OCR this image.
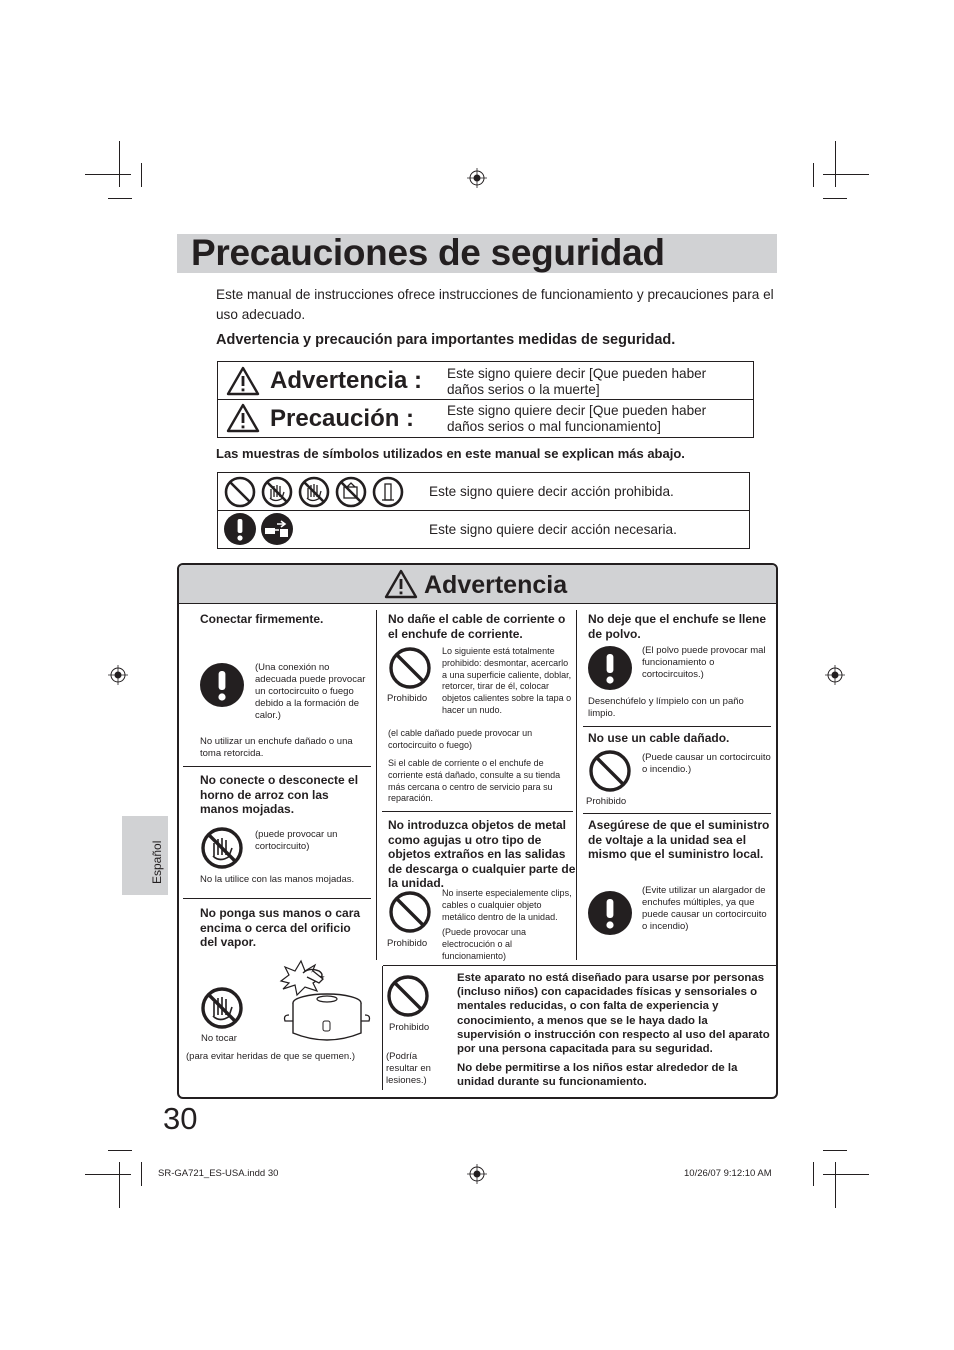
Precauciones de seguridad
Este manual de instrucciones ofrece instrucciones de funcionamiento y precauciones para el uso adecuado.
Advertencia y precaución para importantes medidas de seguridad.
Advertencia : Este signo quiere decir [Que pueden haber daños serios o la muerte]
Precaución : Este signo quiere decir [Que pueden haber daños serios o mal funcionamiento]
Las muestras de símbolos utilizados en este manual se explican más abajo.
Este signo quiere decir acción prohibida.
Este signo quiere decir acción necesaria.
Español
Advertencia
Conectar firmemente.
(Una conexión no adecuada puede provocar un cortocircuito o fuego debido a la formación de calor.)
No utilizar un enchufe dañado o una toma retorcida.
No conecte o desconecte el horno de arroz con las manos mojadas.
(puede provocar un cortocircuito)
No la utilice con las manos mojadas.
No ponga sus manos o cara encima o cerca del orificio del vapor.
No tocar
(para evitar heridas de que se quemen.)
No dañe el cable de corriente o el enchufe de corriente.
Prohibido
Lo siguiente está totalmente prohibido: desmontar, acercarlo a una superficie caliente, doblar, retorcer, tirar de él, colocar objetos calientes sobre la tapa o hacer un nudo.
(el cable dañado puede provocar un cortocircuito o fuego)
Si el cable de corriente o el enchufe de corriente está dañado, consulte a su tienda más cercana o centro de servicio para su reparación.
No introduzca objetos de metal como agujas u otro tipo de objetos extraños en las salidas de descarga o cualquier parte de la unidad.
Prohibido
No inserte especialemente clips, cables o cualquier objeto metálico dentro de la unidad.
(Puede provocar una electrocución o al funcionamiento)
No deje que el enchufe se llene de polvo.
(El polvo puede provocar mal funcionamiento o cortocircuitos.)
Desenchúfelo y límpielo con un paño limpio.
No use un cable dañado.
(Puede causar un cortocircuito o incendio.)
Prohibido
Asegúrese de que el suministro de voltaje a la unidad sea el mismo que el suministro local.
(Evite utilizar un alargador de enchufes múltiples, ya que puede causar un cortocircuito o incendio)
Prohibido
(Podría resultar en lesiones.)
Este aparato no está diseñado para usarse por personas (incluso niños) con capacidades físicas y sensoriales o mentales reducidas, o con falta de experiencia y conocimiento, a menos que se le haya dado la supervisión o instrucción con respecto al uso del aparato por una persona capacitada para su seguridad.
No debe permitirse a los niños estar alrededor de la unidad durante su funcionamiento.
30
SR-GA721_ES-USA.indd 30	10/26/07 9:12:10 AM
